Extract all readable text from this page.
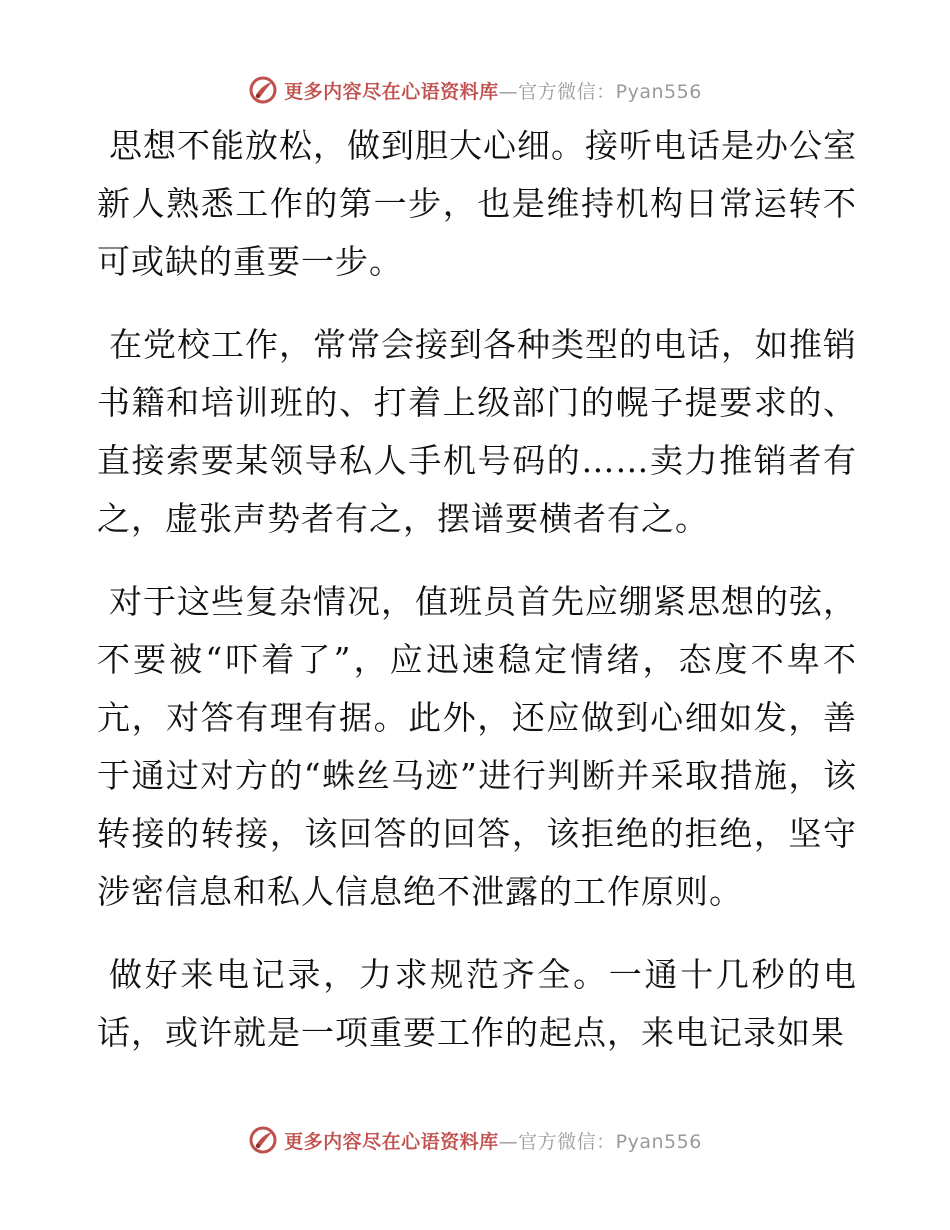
更多内容尽在心语资料库—官方微信：Pyan556

思想不能放松，做到胆大心细。接听电话是办公室新人熟悉工作的第一步，也是维持机构日常运转不可或缺的重要一步。

在党校工作，常常会接到各种类型的电话，如推销书籍和培训班的、打着上级部门的幌子提要求的、直接索要某领导私人手机号码的……卖力推销者有之，虚张声势者有之，摆谱要横者有之。

对于这些复杂情况，值班员首先应绷紧思想的弦，不要被“吓着了”，应迅速稳定情绪，态度不卑不亢，对答有理有据。此外，还应做到心细如发，善于通过对方的“蛛丝马迹”进行判断并采取措施，该转接的转接，该回答的回答，该拒绝的拒绝，坚守涉密信息和私人信息绝不泄露的工作原则。

做好来电记录，力求规范齐全。一通十几秒的电话，或许就是一项重要工作的起点，来电记录如果

更多内容尽在心语资料库—官方微信：Pyan556
